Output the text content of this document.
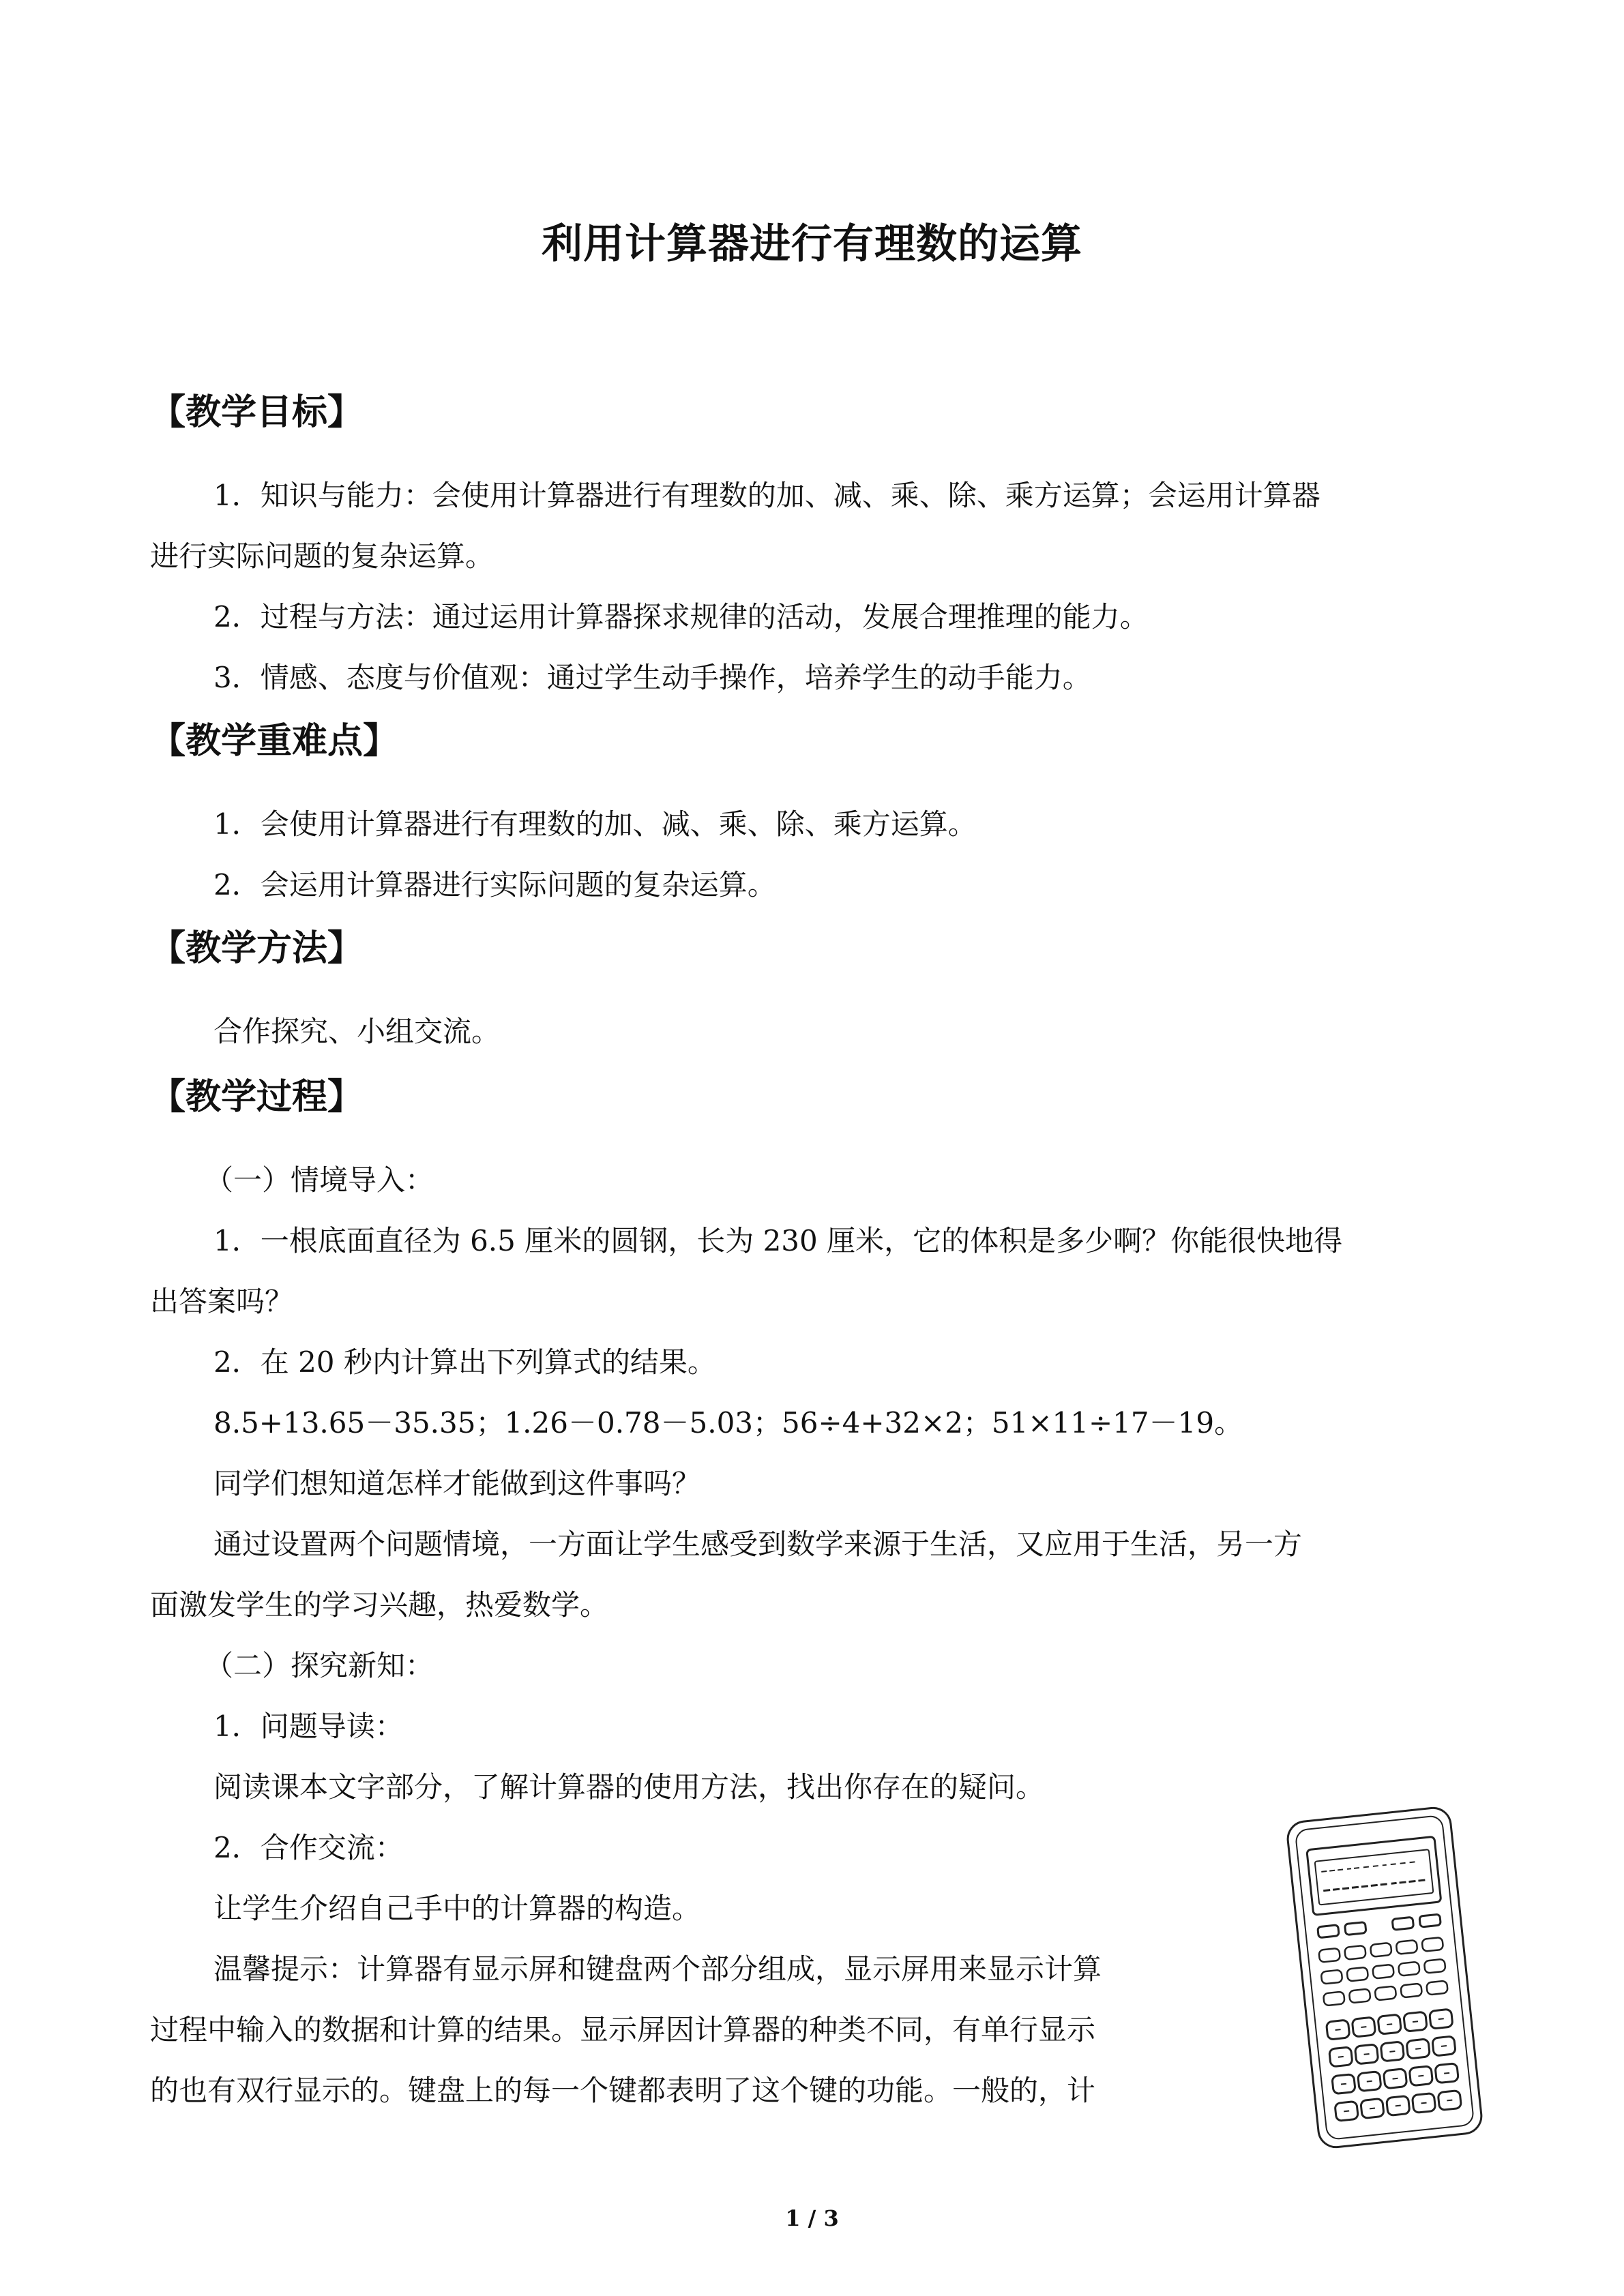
利用计算器进行有理数的运算
【教学目标】
1．知识与能力：会使用计算器进行有理数的加、减、乘、除、乘方运算；会运用计算器
进行实际问题的复杂运算。
2．过程与方法：通过运用计算器探求规律的活动，发展合理推理的能力。
3．情感、态度与价值观：通过学生动手操作，培养学生的动手能力。
【教学重难点】
1．会使用计算器进行有理数的加、减、乘、除、乘方运算。
2．会运用计算器进行实际问题的复杂运算。
【教学方法】
合作探究、小组交流。
【教学过程】
（一）情境导入：
1．一根底面直径为 6.5 厘米的圆钢，长为 230 厘米，它的体积是多少啊？你能很快地得
出答案吗？
2．在 20 秒内计算出下列算式的结果。
8.5+13.65－35.35；1.26－0.78－5.03；56÷4+32×2；51×11÷17－19。
同学们想知道怎样才能做到这件事吗？
通过设置两个问题情境，一方面让学生感受到数学来源于生活，又应用于生活，另一方
面激发学生的学习兴趣，热爱数学。
（二）探究新知：
1．问题导读：
阅读课本文字部分，了解计算器的使用方法，找出你存在的疑问。
2．合作交流：
让学生介绍自己手中的计算器的构造。
温馨提示：计算器有显示屏和键盘两个部分组成，显示屏用来显示计算
过程中输入的数据和计算的结果。显示屏因计算器的种类不同，有单行显示
的也有双行显示的。键盘上的每一个键都表明了这个键的功能。一般的，计
1 / 3
